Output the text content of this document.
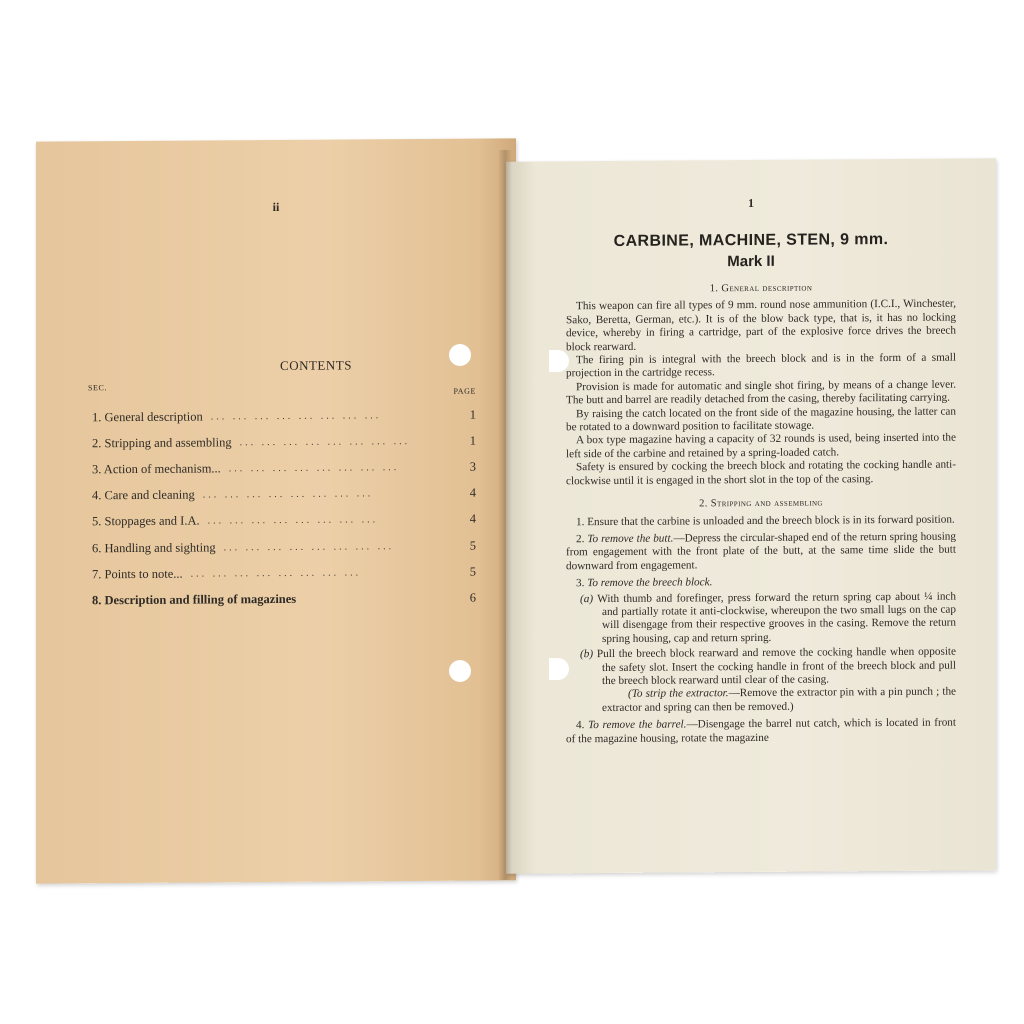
ii
CONTENTS
SEC.	PAGE
1. General description ... ... ... ... ... ... ... ...	1
2. Stripping and assembling ... ... ... ... ... ... ... ...	1
3. Action of mechanism... ... ... ... ... ... ... ... ...	3
4. Care and cleaning ... ... ... ... ... ... ... ...	4
5. Stoppages and I.A. ... ... ... ... ... ... ... ...	4
6. Handling and sighting ... ... ... ... ... ... ... ...	5
7. Points to note... ... ... ... ... ... ... ... ...	5
8. Description and filling of magazines	6
1
CARBINE, MACHINE, STEN, 9 mm.
Mark II
1. General description

This weapon can fire all types of 9 mm. round nose ammunition (I.C.I., Winchester, Sako, Beretta, German, etc.). It is of the blow back type, that is, it has no locking device, whereby in firing a cartridge, part of the explosive force drives the breech block rearward.

The firing pin is integral with the breech block and is in the form of a small projection in the cartridge recess.

Provision is made for automatic and single shot firing, by means of a change lever. The butt and barrel are readily detached from the casing, thereby facilitating carrying.

By raising the catch located on the front side of the magazine housing, the latter can be rotated to a downward position to facilitate stowage.

A box type magazine having a capacity of 32 rounds is used, being inserted into the left side of the carbine and retained by a spring-loaded catch.

Safety is ensured by cocking the breech block and rotating the cocking handle anti-clockwise until it is engaged in the short slot in the top of the casing.

2. Stripping and assembling

1. Ensure that the carbine is unloaded and the breech block is in its forward position.

2. To remove the butt.—Depress the circular-shaped end of the return spring housing from engagement with the front plate of the butt, at the same time slide the butt downward from engagement.

3. To remove the breech block.

(a) With thumb and forefinger, press forward the return spring cap about ¼ inch and partially rotate it anti-clockwise, whereupon the two small lugs on the cap will disengage from their respective grooves in the casing. Remove the return spring housing, cap and return spring.

(b) Pull the breech block rearward and remove the cocking handle when opposite the safety slot. Insert the cocking handle in front of the breech block and pull the breech block rearward until clear of the casing.

(To strip the extractor.—Remove the extractor pin with a pin punch ; the extractor and spring can then be removed.)

4. To remove the barrel.—Disengage the barrel nut catch, which is located in front of the magazine housing, rotate the magazine
